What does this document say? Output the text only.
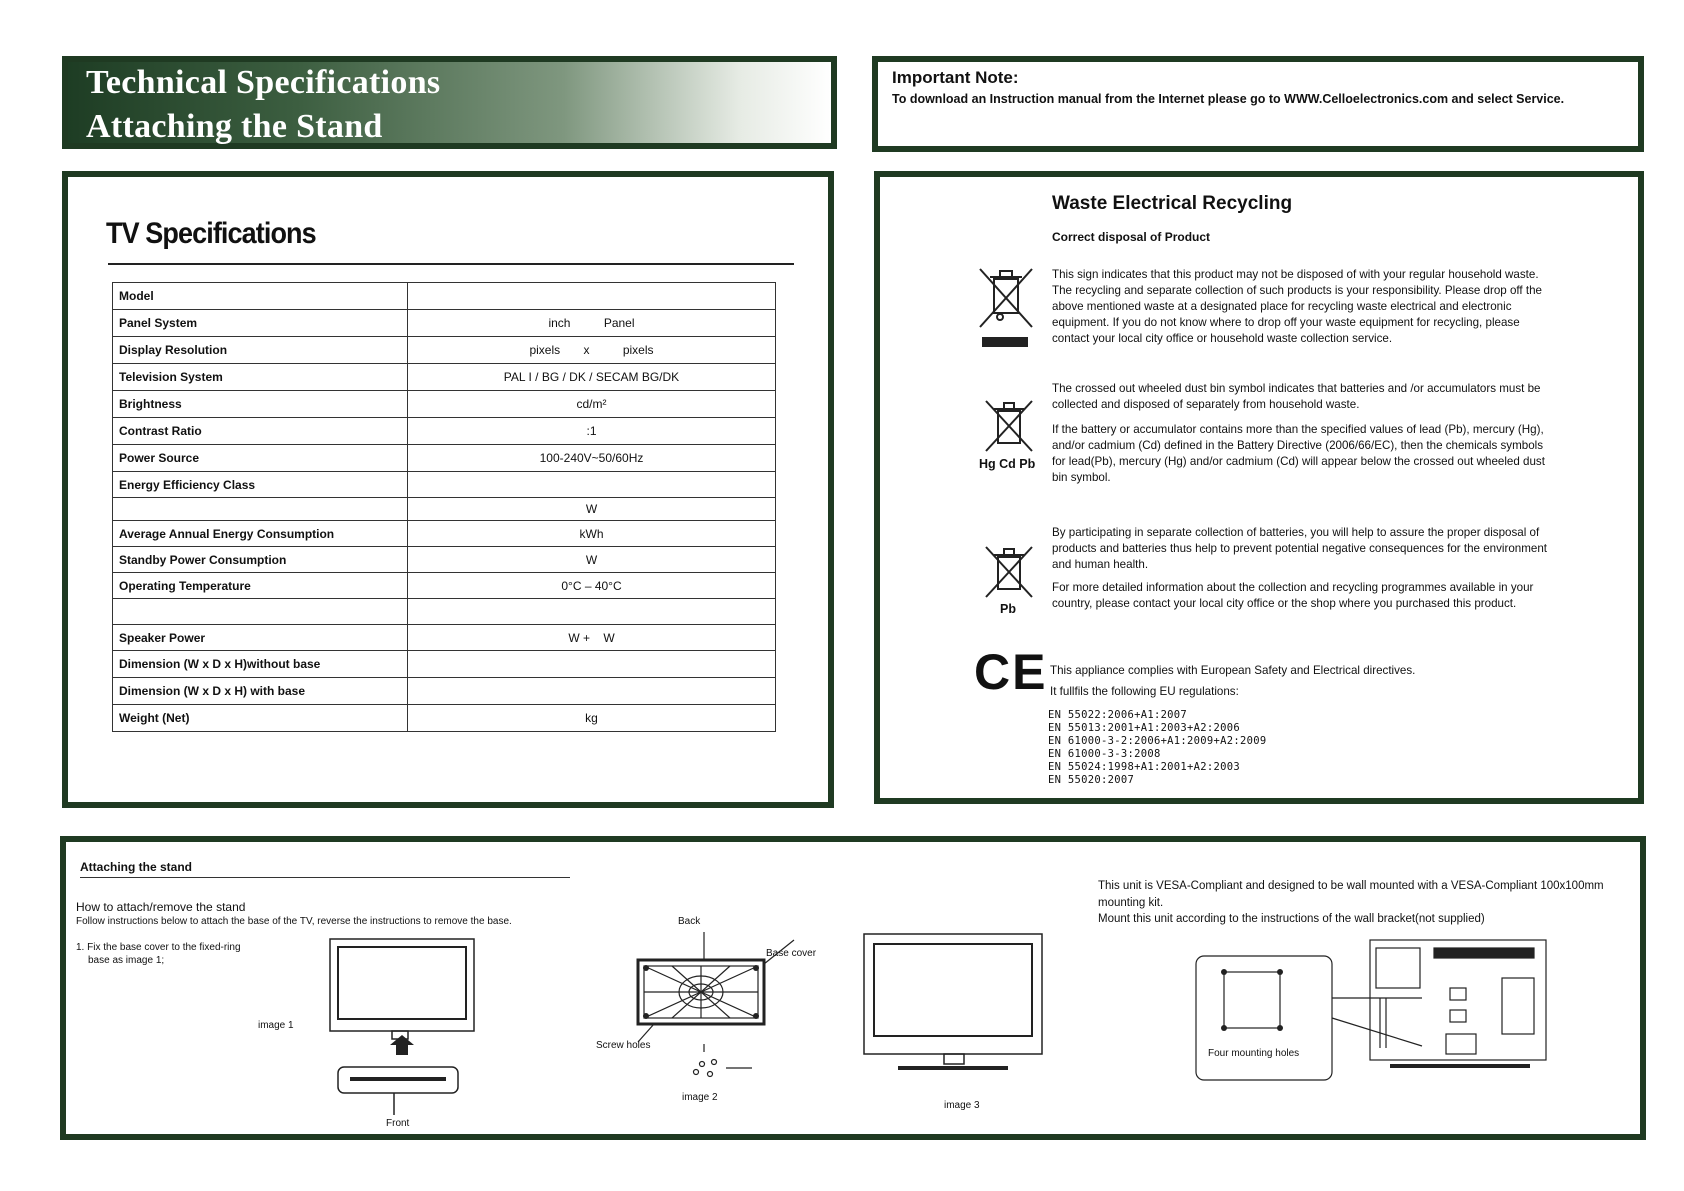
Technical Specifications
Attaching the Stand
Important Note:
To download an Instruction manual from the Internet please go to WWW.Celloelectronics.com and select Service.
TV Specifications
Model	
Panel System	inch          Panel
Display Resolution	pixels       x          pixels
Television System	PAL I / BG / DK / SECAM BG/DK
Brightness	cd/m²
Contrast Ratio	:1
Power Source	100-240V~50/60Hz
Energy Efficiency Class	
	W
Average Annual Energy Consumption	kWh
Standby Power Consumption	W
Operating Temperature	0°C – 40°C

Speaker Power	W +    W
Dimension (W x D x H)without base	
Dimension (W x D x H) with base	
Weight (Net)	kg
Waste Electrical Recycling
Correct disposal of Product
This sign indicates that this product may not be disposed of with your regular household waste. The recycling and separate collection of such products is your responsibility. Please drop off the above mentioned waste at a designated place for recycling waste electrical and electronic equipment. If you do not know where to drop off your waste equipment for recycling, please contact your local city office or household waste collection service.
Hg Cd Pb
The crossed out wheeled dust bin symbol indicates that batteries and /or accumulators must be collected and disposed of separately from household waste.
If the battery or accumulator contains more than the specified values of lead (Pb), mercury (Hg), and/or cadmium (Cd) defined in the Battery Directive (2006/66/EC), then the chemicals symbols for lead(Pb), mercury (Hg) and/or cadmium (Cd) will appear below the crossed out wheeled dust bin symbol.
Pb
By participating in separate collection of batteries, you will help to assure the proper disposal of products and batteries thus help to prevent potential negative consequences for the environment and human health.
For more detailed information about the collection and recycling programmes available in your country, please contact your local city office or the shop where you purchased this product.
CE This appliance complies with European Safety and Electrical directives.
It fullfils the following EU regulations:
EN 55022:2006+A1:2007
EN 55013:2001+A1:2003+A2:2006
EN 61000-3-2:2006+A1:2009+A2:2009
EN 61000-3-3:2008
EN 55024:1998+A1:2001+A2:2003
EN 55020:2007
Attaching the stand
How to attach/remove the stand
Follow instructions below to attach the base of the TV, reverse the instructions to remove the base.
1. Fix the base cover to the fixed-ring
base as image 1;
image 1
Front
Back
Base cover
Screw holes
image 2
image 3
This unit is VESA-Compliant and designed to be wall mounted with a VESA-Compliant 100x100mm
mounting kit.
Mount this unit according to the instructions of the wall bracket(not supplied)
Four mounting holes
